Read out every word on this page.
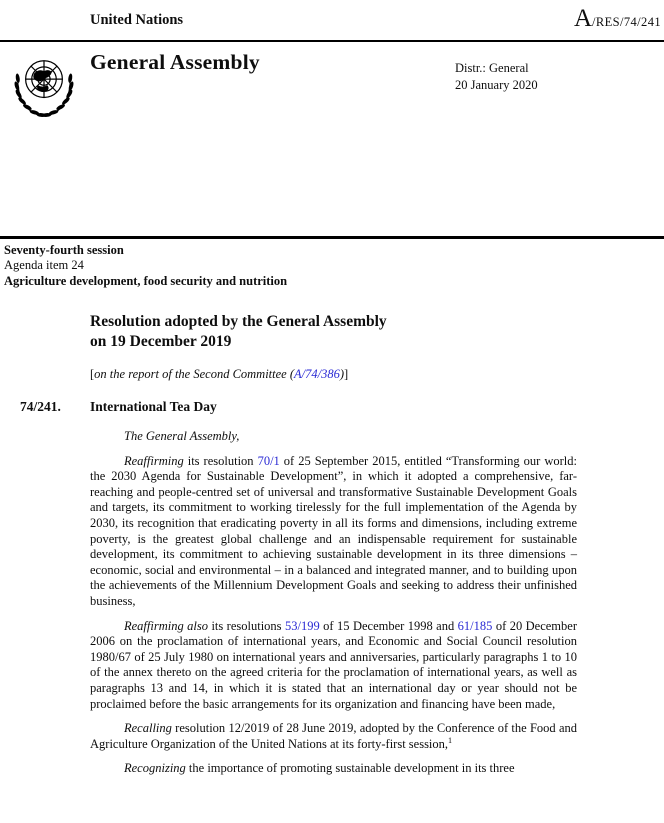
United Nations	A /RES/74/241
General Assembly	Distr.: General
20 January 2020
Seventy-fourth session
Agenda item 24
Agriculture development, food security and nutrition
Resolution adopted by the General Assembly
on 19 December 2019
[on the report of the Second Committee (A/74/386)]
74/241. International Tea Day

The General Assembly,

Reaffirming its resolution 70/1 of 25 September 2015, entitled “Transforming our world: the 2030 Agenda for Sustainable Development”, in which it adopted a comprehensive, far-reaching and people-centred set of universal and transformative Sustainable Development Goals and targets, its commitment to working tirelessly for the full implementation of the Agenda by 2030, its recognition that eradicating poverty in all its forms and dimensions, including extreme poverty, is the greatest global challenge and an indispensable requirement for sustainable development, its commitment to achieving sustainable development in its three dimensions – economic, social and environmental – in a balanced and integrated manner, and to building upon the achievements of the Millennium Development Goals and seeking to address their unfinished business,

Reaffirming also its resolutions 53/199 of 15 December 1998 and 61/185 of 20 December 2006 on the proclamation of international years, and Economic and Social Council resolution 1980/67 of 25 July 1980 on international years and anniversaries, particularly paragraphs 1 to 10 of the annex thereto on the agreed criteria for the proclamation of international years, as well as paragraphs 13 and 14, in which it is stated that an international day or year should not be proclaimed before the basic arrangements for its organization and financing have been made,

Recalling resolution 12/2019 of 28 June 2019, adopted by the Conference of the Food and Agriculture Organization of the United Nations at its forty-first session,$^1$

Recognizing the importance of promoting sustainable development in its three
